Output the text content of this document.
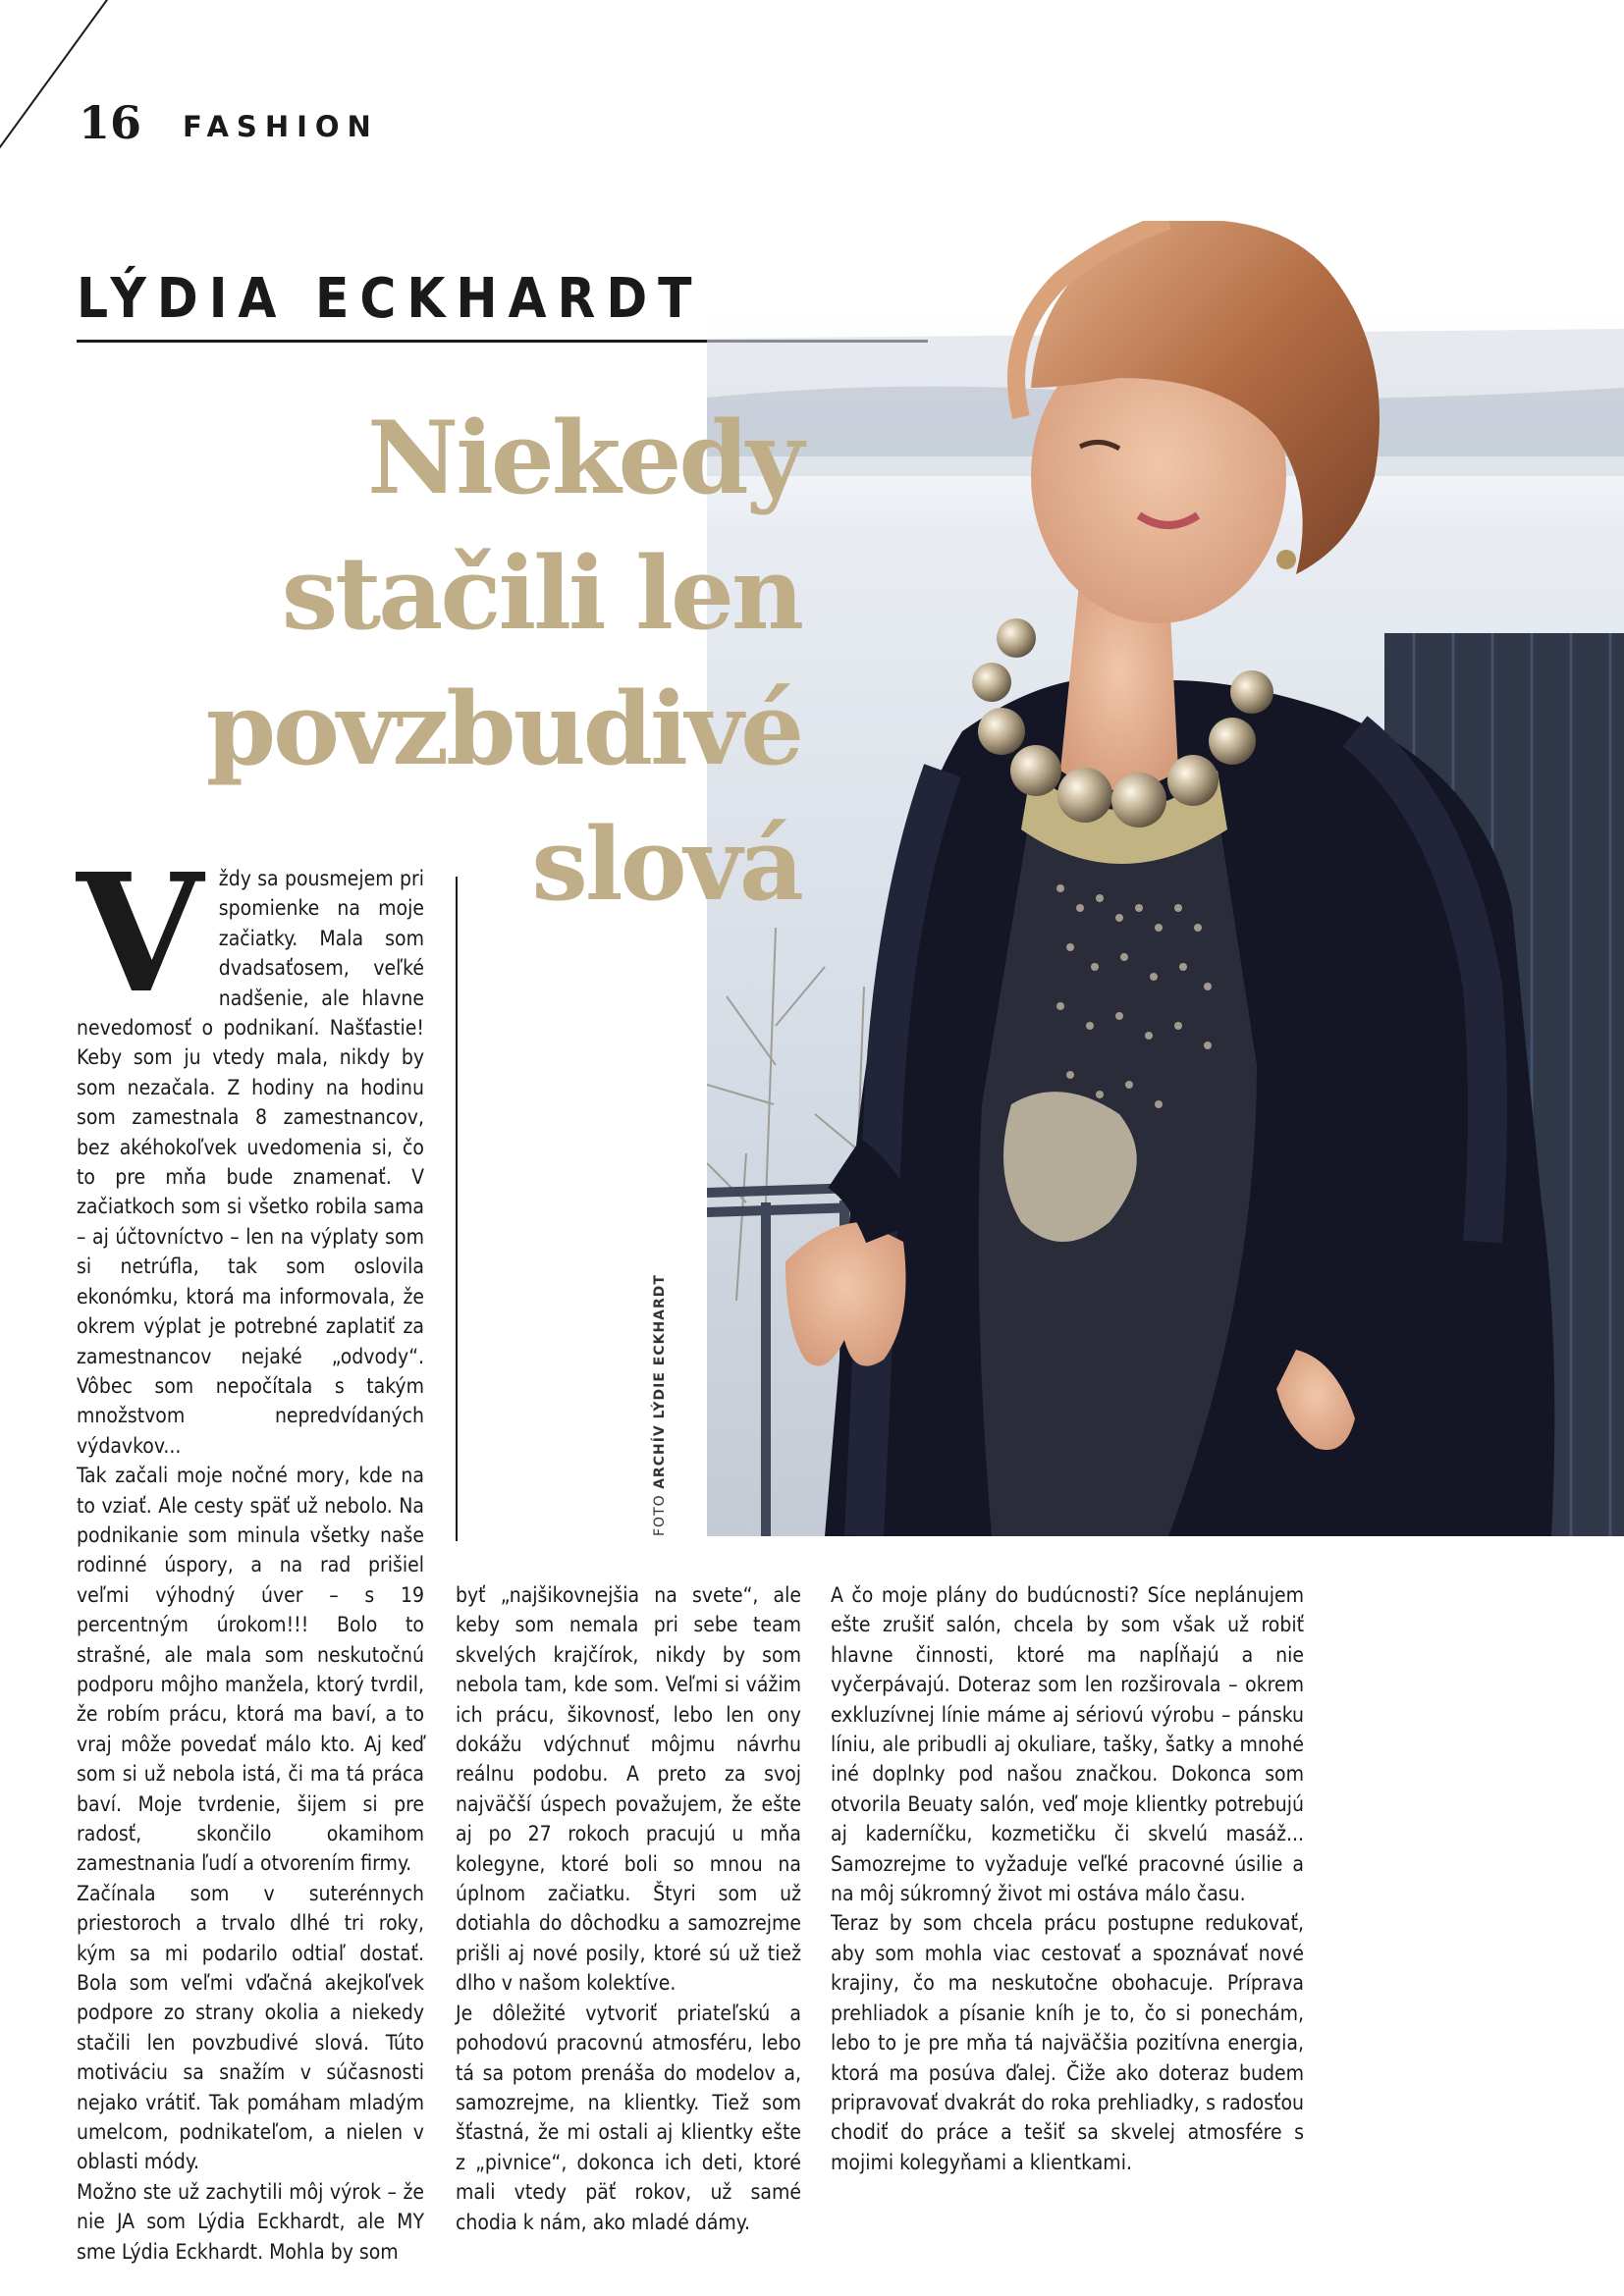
16 FASHION
LÝDIA ECKHARDT
Niekedy
stačili len
povzbudivé
slová
FOTO ARCHÍV LÝDIE ECKHARDT

Vždy sa pousmejem pri spomienke na moje začiatky. Mala som dvadsaťosem, veľké nadšenie, ale hlavne nevedomosť o podnikaní. Našťastie! Keby som ju vtedy mala, nikdy by som nezačala. Z hodiny na hodinu som zamestnala 8 zamestnancov, bez akéhokoľvek uvedomenia si, čo to pre mňa bude znamenať. V začiatkoch som si všetko robila sama – aj účtovníctvo – len na výplaty som si netrúfla, tak som oslovila ekonómku, ktorá ma informovala, že okrem výplat je potrebné zaplatiť za zamestnancov nejaké „odvody“. Vôbec som nepočítala s takým množstvom nepredvídaných výdavkov...

Tak začali moje nočné mory, kde na to vziať. Ale cesty späť už nebolo. Na podnikanie som minula všetky naše rodinné úspory, a na rad prišiel veľmi výhodný úver – s 19 percentným úrokom!!! Bolo to strašné, ale mala som neskutočnú podporu môjho manžela, ktorý tvrdil, že robím prácu, ktorá ma baví, a to vraj môže povedať málo kto. Aj keď som si už nebola istá, či ma tá práca baví. Moje tvrdenie, šijem si pre radosť, skončilo okamihom zamestnania ľudí a otvorením firmy.

Začínala som v suterénnych priestoroch a trvalo dlhé tri roky, kým sa mi podarilo odtiaľ dostať. Bola som veľmi vďačná akejkoľvek podpore zo strany okolia a niekedy stačili len povzbudivé slová. Túto motiváciu sa snažím v súčasnosti nejako vrátiť. Tak pomáham mladým umelcom, podnikateľom, a nielen v oblasti módy.

Možno ste už zachytili môj výrok – že nie JA som Lýdia Eckhardt, ale MY sme Lýdia Eckhardt. Mohla by som

byť „najšikovnejšia na svete“, ale keby som nemala pri sebe team skvelých krajčírok, nikdy by som nebola tam, kde som. Veľmi si vážim ich prácu, šikovnosť, lebo len ony dokážu vdýchnuť môjmu návrhu reálnu podobu. A preto za svoj najväčší úspech považujem, že ešte aj po 27 rokoch pracujú u mňa kolegyne, ktoré boli so mnou na úplnom začiatku. Štyri som už dotiahla do dôchodku a samozrejme prišli aj nové posily, ktoré sú už tiež dlho v našom kolektíve.

Je dôležité vytvoriť priateľskú a pohodovú pracovnú atmosféru, lebo tá sa potom prenáša do modelov a, samozrejme, na klientky. Tiež som šťastná, že mi ostali aj klientky ešte z „pivnice“, dokonca ich deti, ktoré mali vtedy päť rokov, už samé chodia k nám, ako mladé dámy.

A čo moje plány do budúcnosti? Síce neplánujem ešte zrušiť salón, chcela by som však už robiť hlavne činnosti, ktoré ma napĺňajú a nie vyčerpávajú. Doteraz som len rozširovala – okrem exkluzívnej línie máme aj sériovú výrobu – pánsku líniu, ale pribudli aj okuliare, tašky, šatky a mnohé iné doplnky pod našou značkou. Dokonca som otvorila Beuaty salón, veď moje klientky potrebujú aj kaderníčku, kozmetičku či skvelú masáž... Samozrejme to vyžaduje veľké pracovné úsilie a na môj súkromný život mi ostáva málo času.

Teraz by som chcela prácu postupne redukovať, aby som mohla viac cestovať a spoznávať nové krajiny, čo ma neskutočne obohacuje. Príprava prehliadok a písanie kníh je to, čo si ponechám, lebo to je pre mňa tá najväčšia pozitívna energia, ktorá ma posúva ďalej. Čiže ako doteraz budem pripravovať dvakrát do roka prehliadky, s radosťou chodiť do práce a tešiť sa skvelej atmosfére s mojimi kolegyňami a klientkami.
